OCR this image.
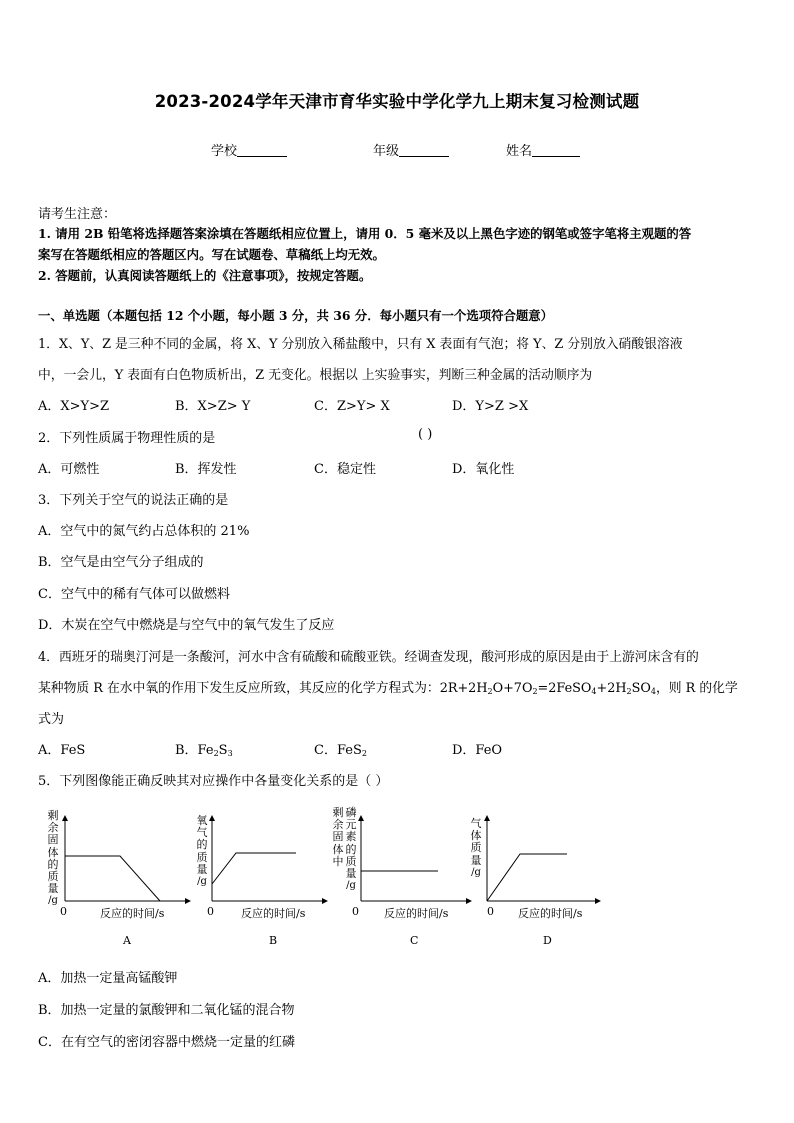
2023-2024学年天津市育华实验中学化学九上期末复习检测试题
学校	年级	姓名
请考生注意：
1. 请用 2B 铅笔将选择题答案涂填在答题纸相应位置上，请用 0．5 毫米及以上黑色字迹的钢笔或签字笔将主观题的答
案写在答题纸相应的答题区内。写在试题卷、草稿纸上均无效。
2. 答题前，认真阅读答题纸上的《注意事项》，按规定答题。
一、单选题（本题包括 12 个小题，每小题 3 分，共 36 分．每小题只有一个选项符合题意）
1．X、Y、Z 是三种不同的金属，将 X、Y 分别放入稀盐酸中，只有 X 表面有气泡；将 Y、Z 分别放入硝酸银溶液
中，一会儿，Y 表面有白色物质析出，Z 无变化。根据以 上实验事实，判断三种金属的活动顺序为
A．X>Y>Z	B．X>Z> Y	C．Z>Y> X	D．Y>Z >X
2．下列性质属于物理性质的是	( )
A．可燃性	B．挥发性	C．稳定性	D．氧化性
3．下列关于空气的说法正确的是
A．空气中的氮气约占总体积的 21%
B．空气是由空气分子组成的
C．空气中的稀有气体可以做燃料
D．木炭在空气中燃烧是与空气中的氧气发生了反应
4．西班牙的瑞奥汀河是一条酸河，河水中含有硫酸和硫酸亚铁。经调查发现，酸河形成的原因是由于上游河床含有的
某种物质 R 在水中氧的作用下发生反应所致，其反应的化学方程式为：$2R+2H_2O+7O_2=2FeSO_4+2H_2SO_4$，则 R 的化学
式为
A．FeS	B．$Fe_2S_3$	C．FeS$_2$	D．FeO
5．下列图像能正确反映其对应操作中各量变化关系的是（ ）
剩
余
固
体
的
质
量
/g
0	反应的时间/s
A
氧
气
的
质
量
/g
0 反应的时间/s
B
剩
余
固
体
中
磷
元
素
的
质
量
/g
0 反应的时间/s
C
气
体
质
量
/g
0 反应的时间/s
D
A．加热一定量高锰酸钾
B．加热一定量的氯酸钾和二氧化锰的混合物
C．在有空气的密闭容器中燃烧一定量的红磷
